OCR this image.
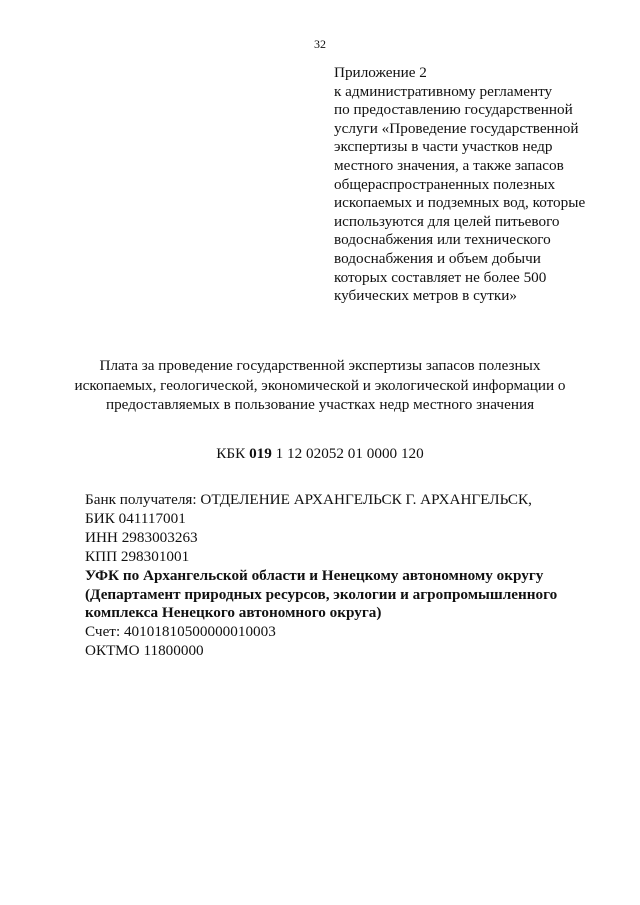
32
Приложение 2
к административному регламенту
по предоставлению государственной
услуги «Проведение государственной
экспертизы в части участков недр
местного значения, а также запасов
общераспространенных полезных
ископаемых и подземных вод, которые
используются для целей питьевого
водоснабжения или технического
водоснабжения и объем добычи
которых составляет не более 500
кубических метров в сутки»
Плата за проведение государственной экспертизы запасов полезных
ископаемых, геологической, экономической и экологической информации о
предоставляемых в пользование участках недр местного значения
КБК 019 1 12 02052 01 0000 120
Банк получателя: ОТДЕЛЕНИЕ АРХАНГЕЛЬСК Г. АРХАНГЕЛЬСК,
БИК 041117001
ИНН 2983003263
КПП 298301001
УФК по Архангельской области и Ненецкому автономному округу
(Департамент природных ресурсов, экологии и агропромышленного
комплекса Ненецкого автономного округа)
Счет: 40101810500000010003
ОКТМО 11800000
